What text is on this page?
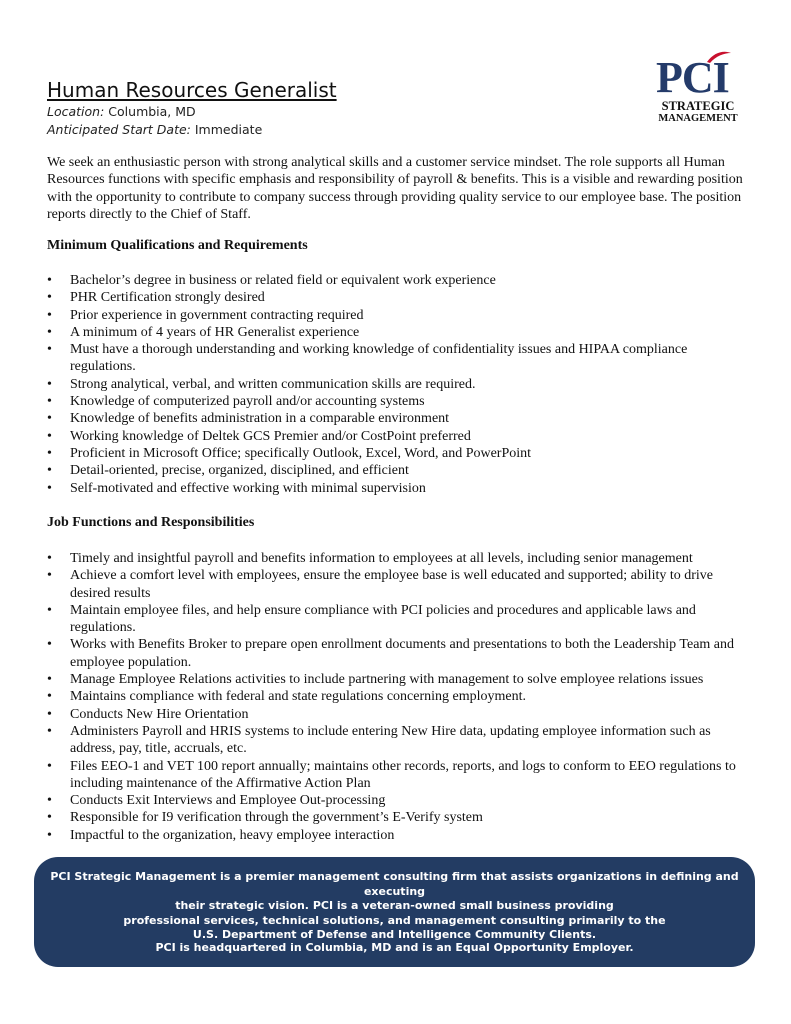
Human Resources Generalist
Location: Columbia, MD
Anticipated Start Date: Immediate
PCI
STRATEGIC
MANAGEMENT

We seek an enthusiastic person with strong analytical skills and a customer service mindset. The role supports all Human Resources functions with specific emphasis and responsibility of payroll & benefits. This is a visible and rewarding position with the opportunity to contribute to company success through providing quality service to our employee base. The position reports directly to the Chief of Staff.

Minimum Qualifications and Requirements
•	Bachelor’s degree in business or related field or equivalent work experience
•	PHR Certification strongly desired
•	Prior experience in government contracting required
•	A minimum of 4 years of HR Generalist experience
•	Must have a thorough understanding and working knowledge of confidentiality issues and HIPAA compliance regulations.
•	Strong analytical, verbal, and written communication skills are required.
•	Knowledge of computerized payroll and/or accounting systems
•	Knowledge of benefits administration in a comparable environment
•	Working knowledge of Deltek GCS Premier and/or CostPoint preferred
•	Proficient in Microsoft Office; specifically Outlook, Excel, Word, and PowerPoint
•	Detail-oriented, precise, organized, disciplined, and efficient
•	Self-motivated and effective working with minimal supervision
Job Functions and Responsibilities
•	Timely and insightful payroll and benefits information to employees at all levels, including senior management
•	Achieve a comfort level with employees, ensure the employee base is well educated and supported; ability to drive desired results
•	Maintain employee files, and help ensure compliance with PCI policies and procedures and applicable laws and regulations.
•	Works with Benefits Broker to prepare open enrollment documents and presentations to both the Leadership Team and employee population.
•	Manage Employee Relations activities to include partnering with management to solve employee relations issues
•	Maintains compliance with federal and state regulations concerning employment.
•	Conducts New Hire Orientation
•	Administers Payroll and HRIS systems to include entering New Hire data, updating employee information such as address, pay, title, accruals, etc.
•	Files EEO-1 and VET 100 report annually; maintains other records, reports, and logs to conform to EEO regulations to including maintenance of the Affirmative Action Plan
•	Conducts Exit Interviews and Employee Out-processing
•	Responsible for I9 verification through the government’s E-Verify system
•	Impactful to the organization, heavy employee interaction
PCI Strategic Management is a premier management consulting firm that assists organizations in defining and executing
their strategic vision. PCI is a veteran-owned small business providing
professional services, technical solutions, and management consulting primarily to the
U.S. Department of Defense and Intelligence Community Clients.
PCI is headquartered in Columbia, MD and is an Equal Opportunity Employer.
